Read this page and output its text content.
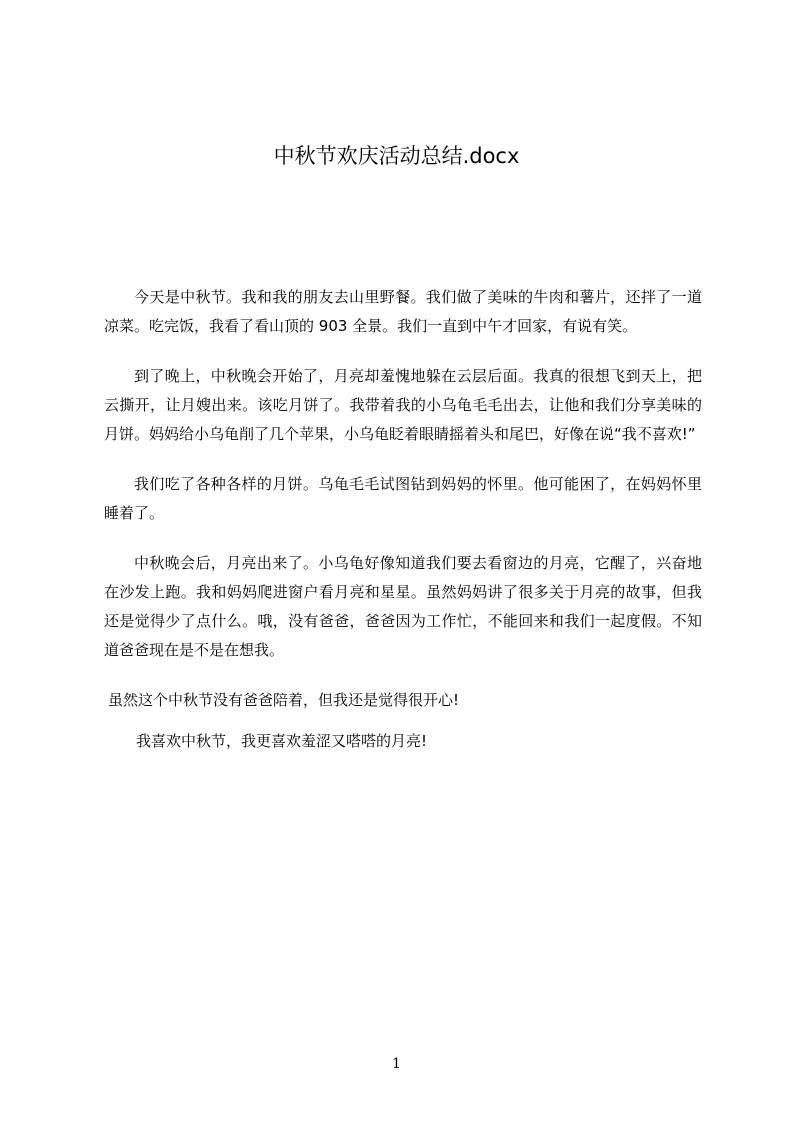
中秋节欢庆活动总结.docx

今天是中秋节。我和我的朋友去山里野餐。我们做了美味的牛肉和薯片，还拌了一道凉菜。吃完饭，我看了看山顶的 903 全景。我们一直到中午才回家，有说有笑。

到了晚上，中秋晚会开始了，月亮却羞愧地躲在云层后面。我真的很想飞到天上，把云撕开，让月嫂出来。该吃月饼了。我带着我的小乌龟毛毛出去，让他和我们分享美味的月饼。妈妈给小乌龟削了几个苹果，小乌龟眨着眼睛摇着头和尾巴，好像在说“我不喜欢!”

我们吃了各种各样的月饼。乌龟毛毛试图钻到妈妈的怀里。他可能困了，在妈妈怀里睡着了。

中秋晚会后，月亮出来了。小乌龟好像知道我们要去看窗边的月亮，它醒了，兴奋地在沙发上跑。我和妈妈爬进窗户看月亮和星星。虽然妈妈讲了很多关于月亮的故事，但我还是觉得少了点什么。哦，没有爸爸，爸爸因为工作忙，不能回来和我们一起度假。不知道爸爸现在是不是在想我。

虽然这个中秋节没有爸爸陪着，但我还是觉得很开心!

我喜欢中秋节，我更喜欢羞涩又嗒嗒的月亮!

1
